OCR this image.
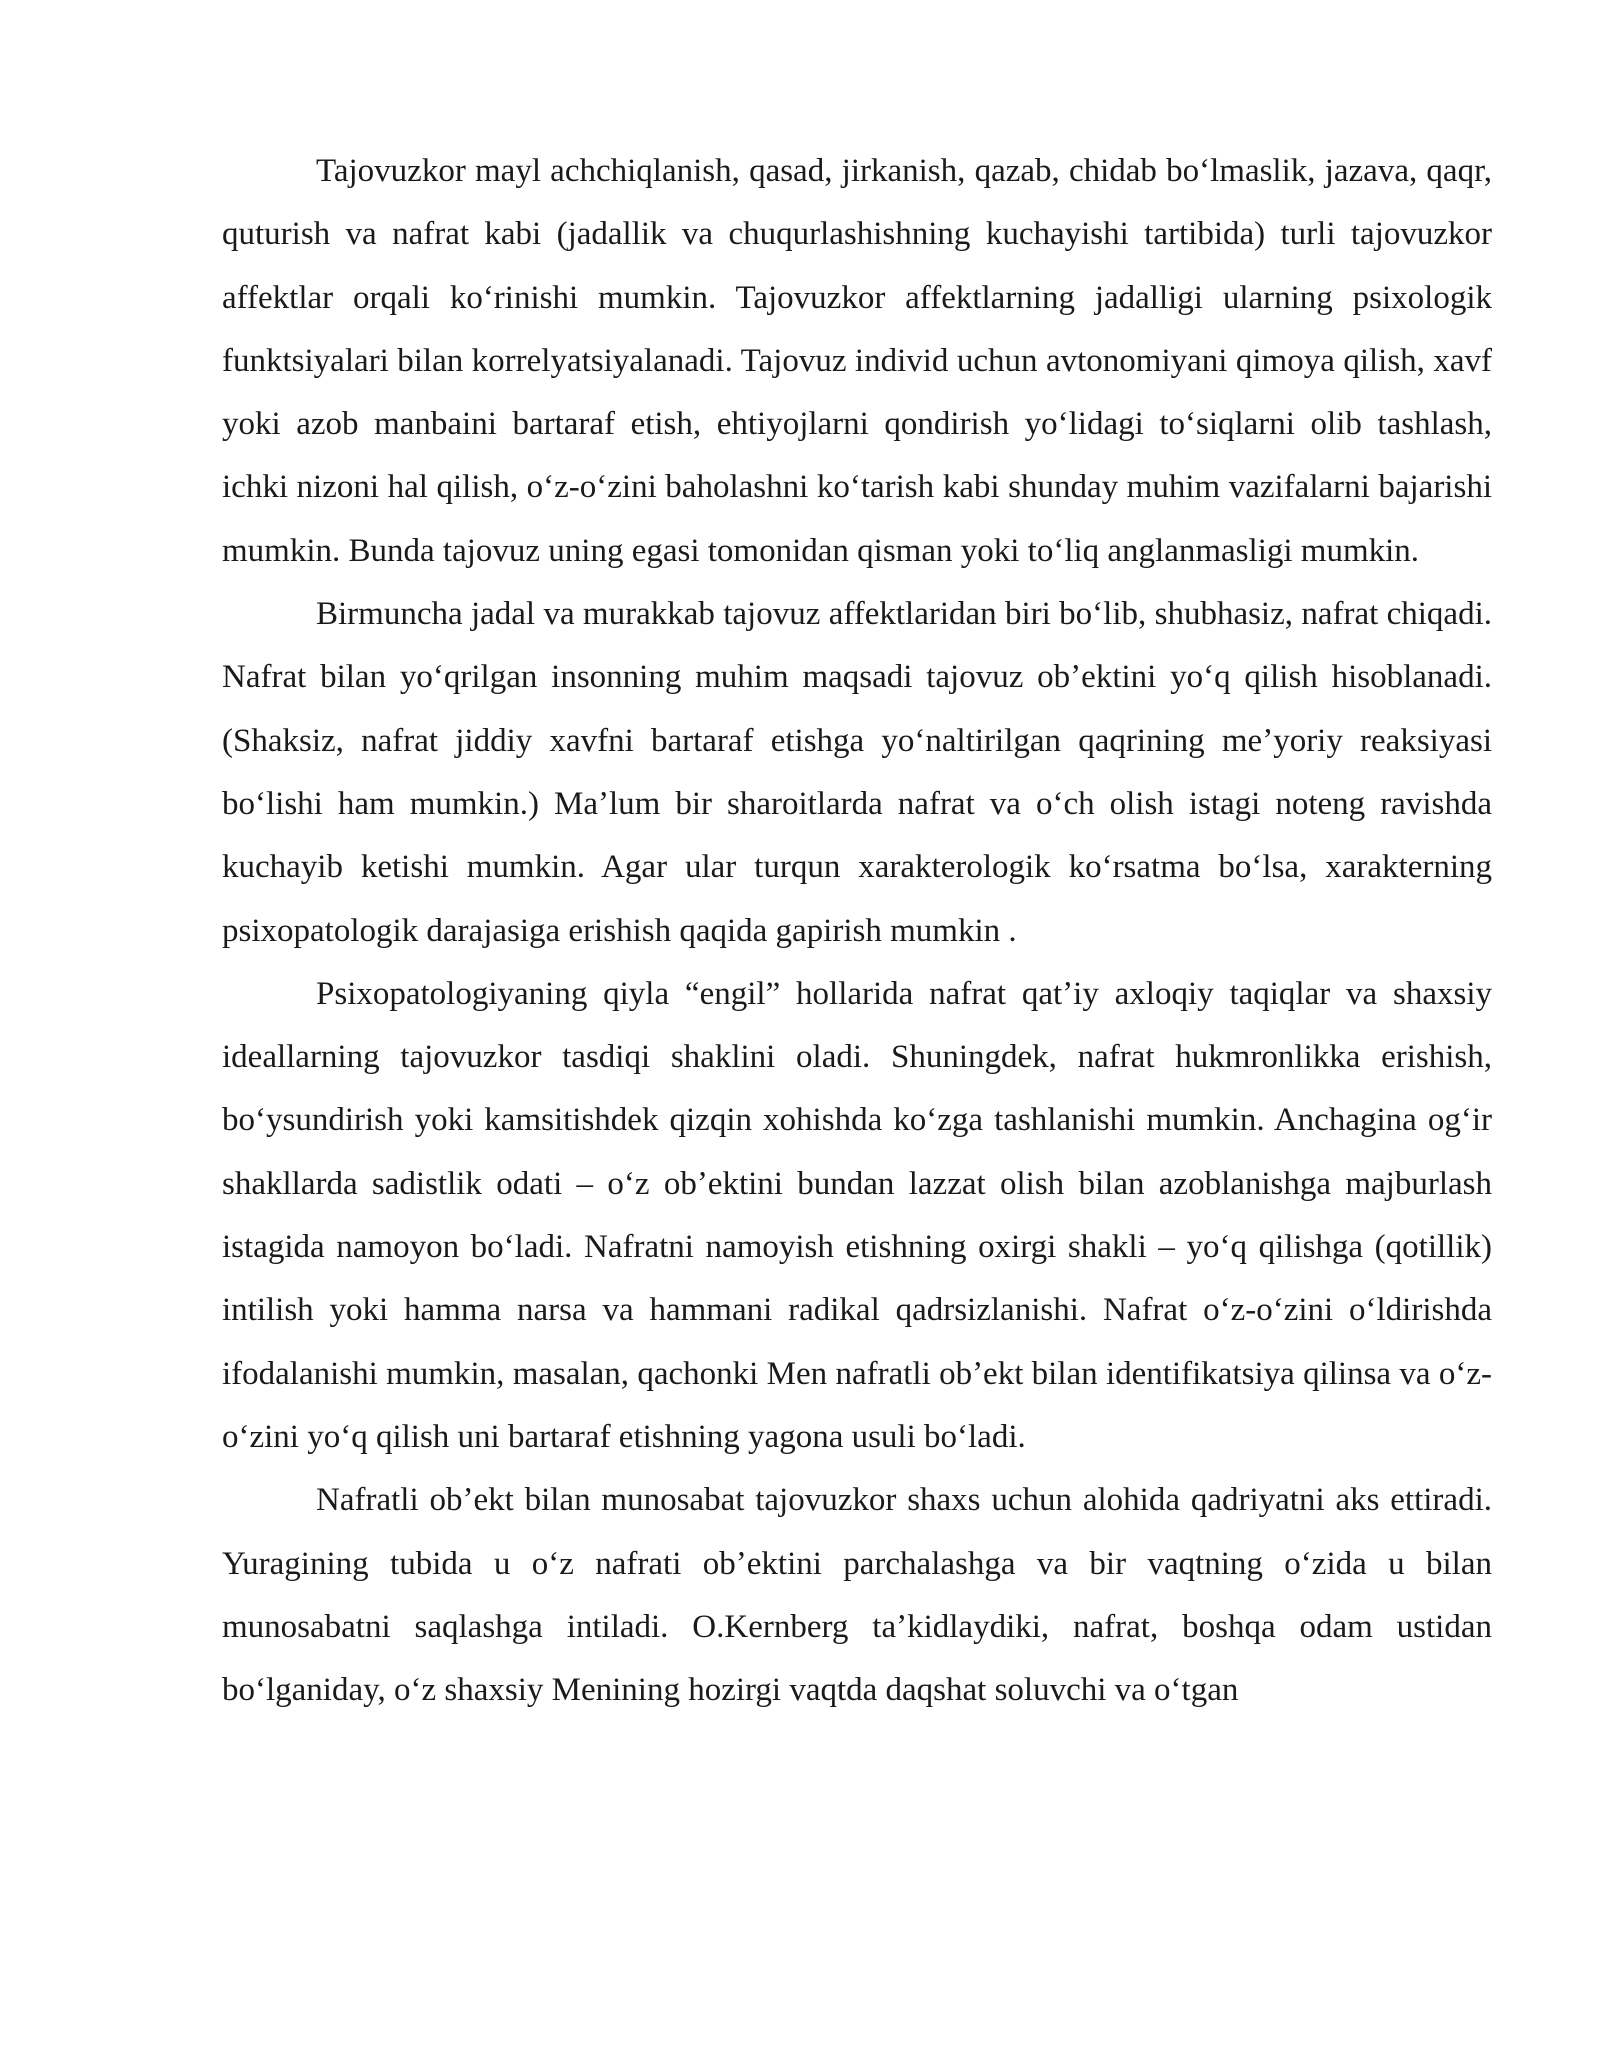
Tajovuzkor mayl achchiqlanish, qasad, jirkanish, qazab, chidab boʻlmaslik, jazava, qaqr, quturish va nafrat kabi (jadallik va chuqurlashishning kuchayishi tartibida) turli tajovuzkor affektlar orqali koʻrinishi mumkin. Tajovuzkor affektlarning jadalligi ularning psixologik funktsiyalari bilan korrelyatsiyalanadi. Tajovuz individ uchun avtonomiyani qimoya qilish, xavf yoki azob manbaini bartaraf etish, ehtiyojlarni qondirish yoʻlidagi toʻsiqlarni olib tashlash, ichki nizoni hal qilish, oʻz-oʻzini baholashni koʻtarish kabi shunday muhim vazifalarni bajarishi mumkin. Bunda tajovuz uning egasi tomonidan qisman yoki toʻliq anglanmasligi mumkin.

Birmuncha jadal va murakkab tajovuz affektlaridan biri boʻlib, shubhasiz, nafrat chiqadi. Nafrat bilan yoʻqrilgan insonning muhim maqsadi tajovuz obʼektini yoʻq qilish hisoblanadi. (Shaksiz, nafrat jiddiy xavfni bartaraf etishga yoʻnaltirilgan qaqrining meʼyoriy reaksiyasi boʻlishi ham mumkin.) Maʼlum bir sharoitlarda nafrat va oʻch olish istagi noteng ravishda kuchayib ketishi mumkin. Agar ular turqun xarakterologik koʻrsatma boʻlsa, xarakterning psixopatologik darajasiga erishish qaqida gapirish mumkin .

Psixopatologiyaning qiyla “engil” hollarida nafrat qatʼiy axloqiy taqiqlar va shaxsiy ideallarning tajovuzkor tasdiqi shaklini oladi. Shuningdek, nafrat hukmronlikka erishish, boʻysundirish yoki kamsitishdek qizqin xohishda koʻzga tashlanishi mumkin. Anchagina ogʻir shakllarda sadistlik odati – oʻz obʼektini bundan lazzat olish bilan azoblanishga majburlash istagida namoyon boʻladi. Nafratni namoyish etishning oxirgi shakli – yoʻq qilishga (qotillik) intilish yoki hamma narsa va hammani radikal qadrsizlanishi. Nafrat oʻz-oʻzini oʻldirishda ifodalanishi mumkin, masalan, qachonki Men nafratli obʼekt bilan identifikatsiya qilinsa va oʻz-oʻzini yoʻq qilish uni bartaraf etishning yagona usuli boʻladi.

Nafratli obʼekt bilan munosabat tajovuzkor shaxs uchun alohida qadriyatni aks ettiradi. Yuragining tubida u oʻz nafrati obʼektini parchalashga va bir vaqtning oʻzida u bilan munosabatni saqlashga intiladi. O.Kernberg taʼkidlaydiki, nafrat, boshqa odam ustidan boʻlganiday, oʻz shaxsiy Menining hozirgi vaqtda daqshat soluvchi va oʻtgan
